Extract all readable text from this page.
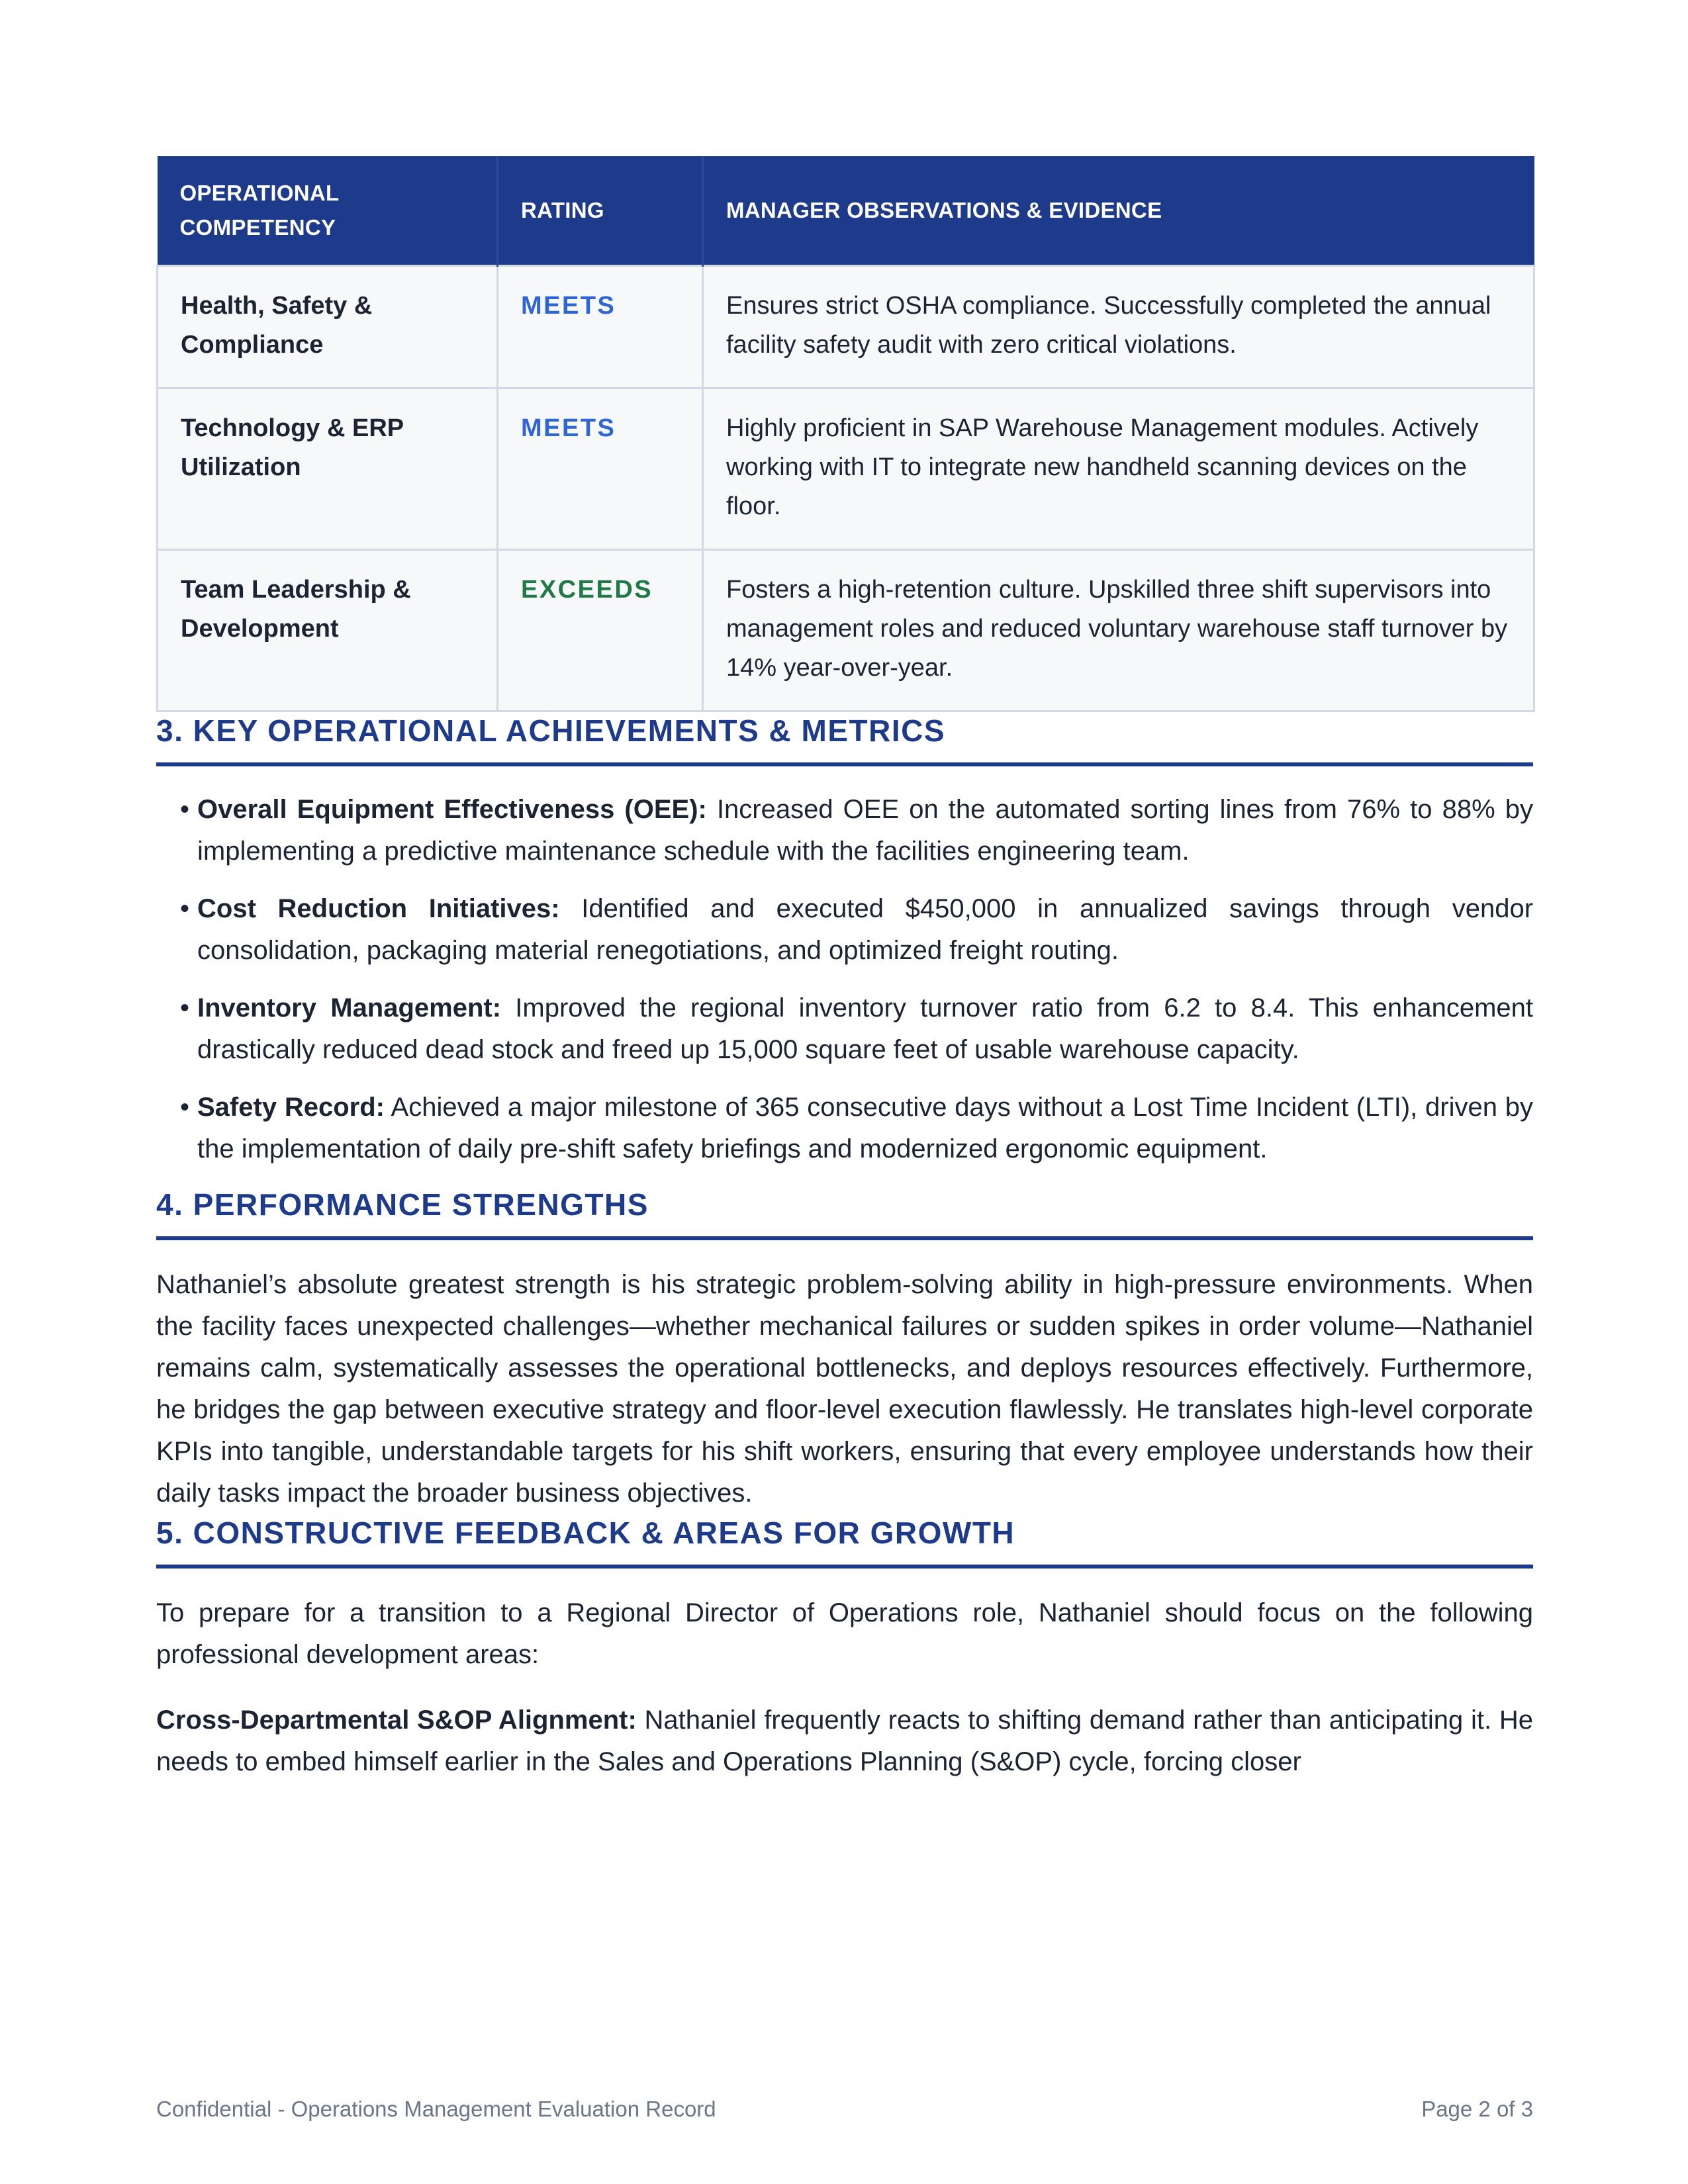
OPERATIONAL COMPETENCY	RATING	MANAGER OBSERVATIONS & EVIDENCE
Health, Safety & Compliance	MEETS	Ensures strict OSHA compliance. Successfully completed the annual facility safety audit with zero critical violations.
Technology & ERP Utilization	MEETS	Highly proficient in SAP Warehouse Management modules. Actively working with IT to integrate new handheld scanning devices on the floor.
Team Leadership & Development	EXCEEDS	Fosters a high-retention culture. Upskilled three shift supervisors into management roles and reduced voluntary warehouse staff turnover by 14% year-over-year.
3. KEY OPERATIONAL ACHIEVEMENTS & METRICS
• Overall Equipment Effectiveness (OEE): Increased OEE on the automated sorting lines from 76% to 88% by implementing a predictive maintenance schedule with the facilities engineering team.
• Cost Reduction Initiatives: Identified and executed $450,000 in annualized savings through vendor consolidation, packaging material renegotiations, and optimized freight routing.
• Inventory Management: Improved the regional inventory turnover ratio from 6.2 to 8.4. This enhancement drastically reduced dead stock and freed up 15,000 square feet of usable warehouse capacity.
• Safety Record: Achieved a major milestone of 365 consecutive days without a Lost Time Incident (LTI), driven by the implementation of daily pre-shift safety briefings and modernized ergonomic equipment.
4. PERFORMANCE STRENGTHS

Nathaniel’s absolute greatest strength is his strategic problem-solving ability in high-pressure environments. When the facility faces unexpected challenges—whether mechanical failures or sudden spikes in order volume—Nathaniel remains calm, systematically assesses the operational bottlenecks, and deploys resources effectively. Furthermore, he bridges the gap between executive strategy and floor-level execution flawlessly. He translates high-level corporate KPIs into tangible, understandable targets for his shift workers, ensuring that every employee understands how their daily tasks impact the broader business objectives.

5. CONSTRUCTIVE FEEDBACK & AREAS FOR GROWTH

To prepare for a transition to a Regional Director of Operations role, Nathaniel should focus on the following professional development areas:

Cross-Departmental S&OP Alignment: Nathaniel frequently reacts to shifting demand rather than anticipating it. He needs to embed himself earlier in the Sales and Operations Planning (S&OP) cycle, forcing closer

Confidential - Operations Management Evaluation Record	Page 2 of 3
